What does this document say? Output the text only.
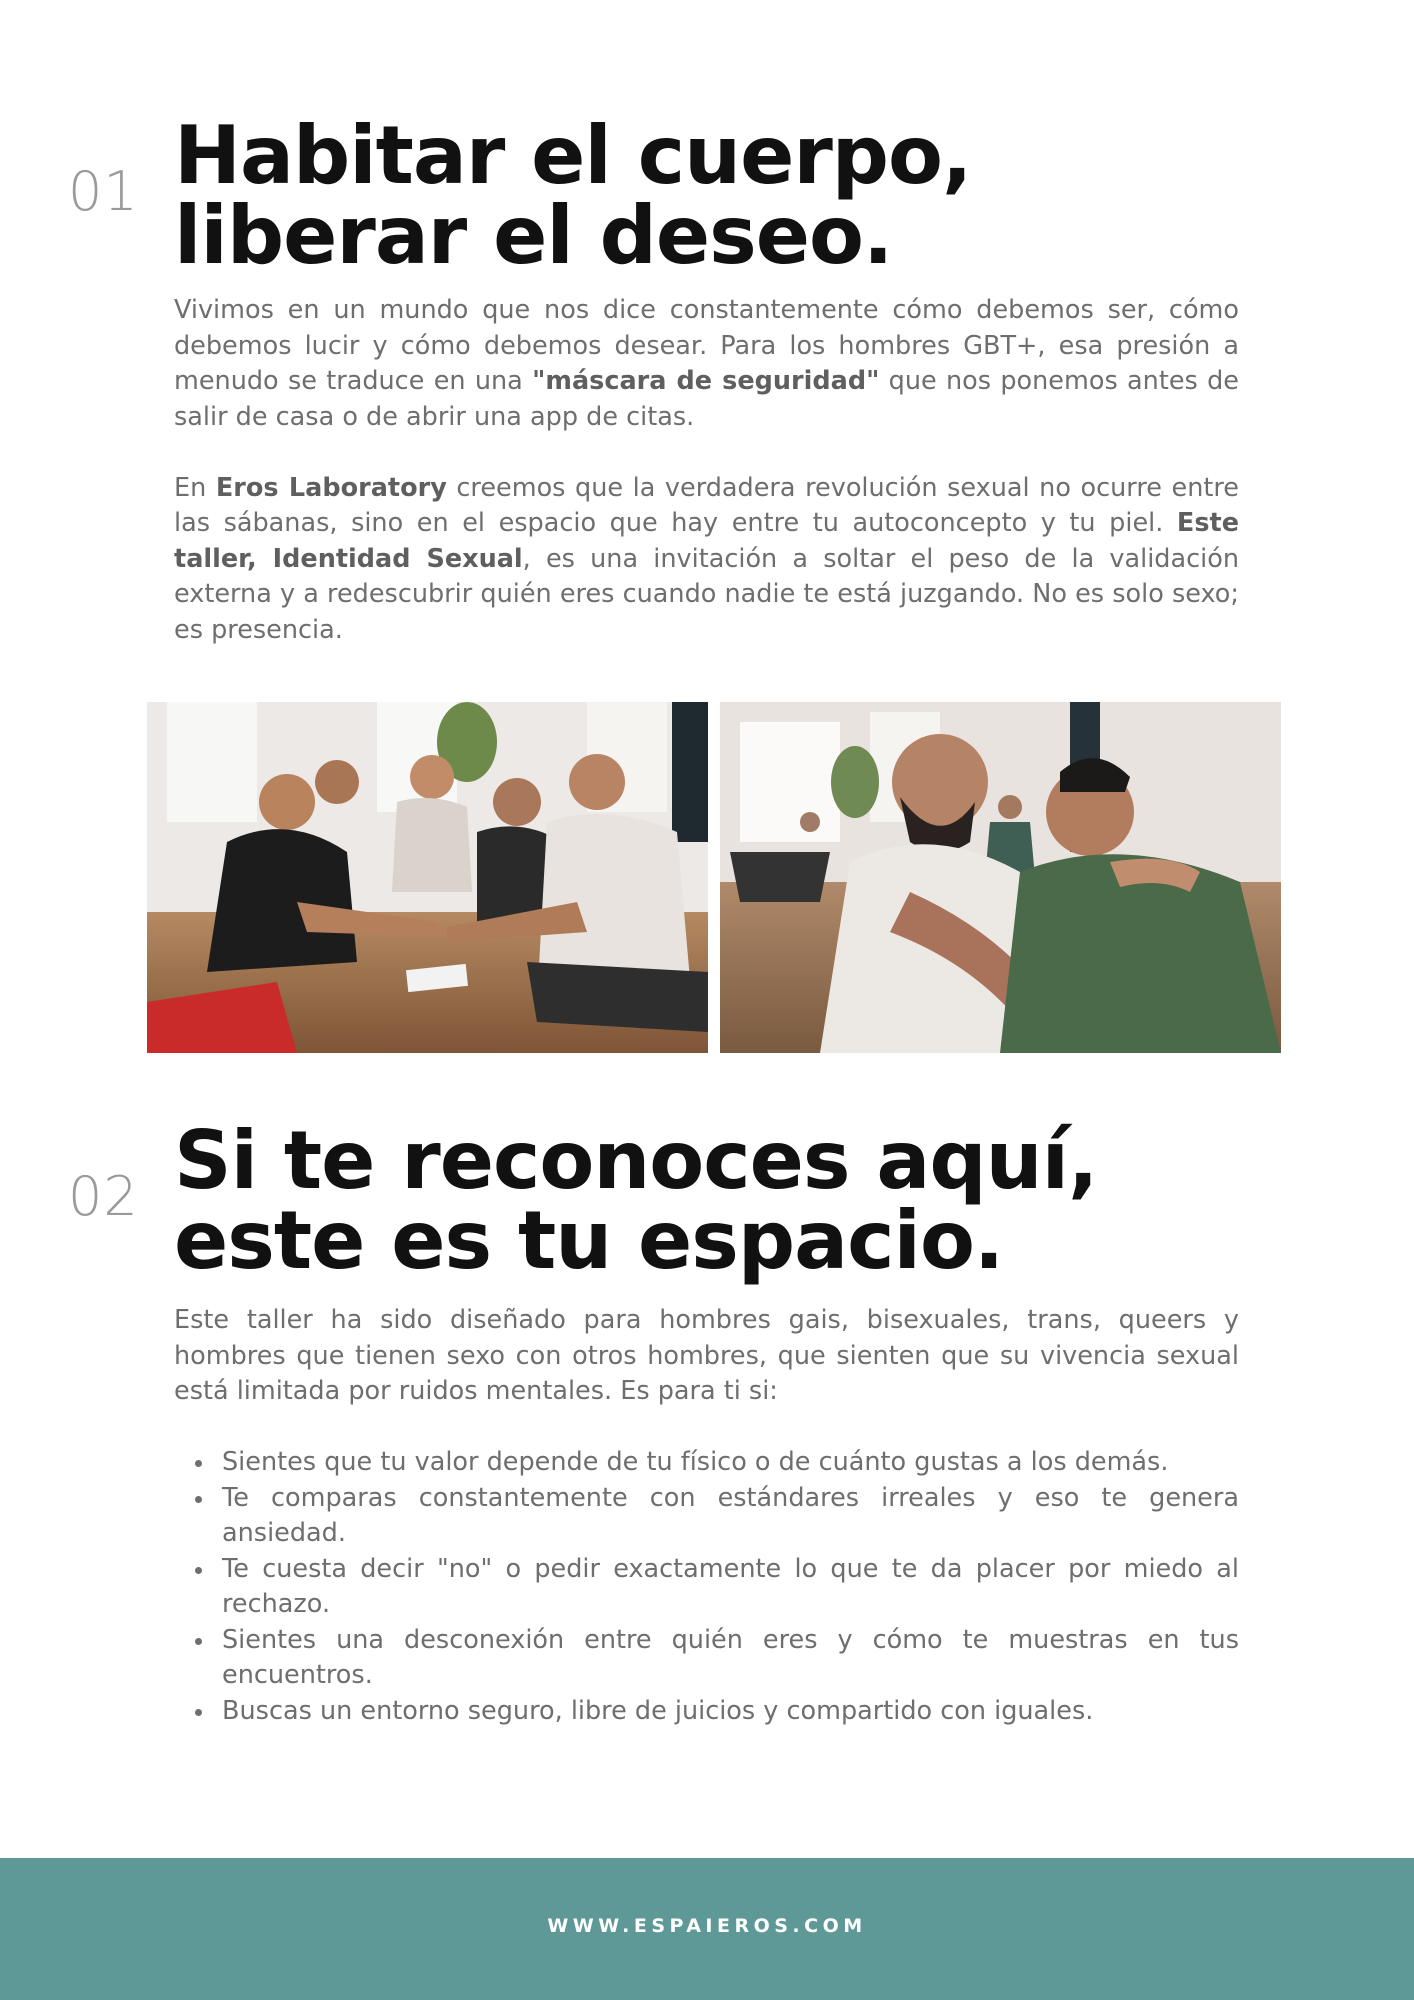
01 Habitar el cuerpo,
liberar el deseo.

Vivimos en un mundo que nos dice constantemente cómo debemos ser, cómo debemos lucir y cómo debemos desear. Para los hombres GBT+, esa presión a menudo se traduce en una "máscara de seguridad" que nos ponemos antes de salir de casa o de abrir una app de citas.

En Eros Laboratory creemos que la verdadera revolución sexual no ocurre entre las sábanas, sino en el espacio que hay entre tu autoconcepto y tu piel. Este taller, Identidad Sexual, es una invitación a soltar el peso de la validación externa y a redescubrir quién eres cuando nadie te está juzgando. No es solo sexo; es presencia.

02 Si te reconoces aquí,
este es tu espacio.

Este taller ha sido diseñado para hombres gais, bisexuales, trans, queers y hombres que tienen sexo con otros hombres, que sienten que su vivencia sexual está limitada por ruidos mentales. Es para ti si:

Sientes que tu valor depende de tu físico o de cuánto gustas a los demás.
Te comparas constantemente con estándares irreales y eso te genera ansiedad.
Te cuesta decir "no" o pedir exactamente lo que te da placer por miedo al rechazo.
Sientes una desconexión entre quién eres y cómo te muestras en tus encuentros.
Buscas un entorno seguro, libre de juicios y compartido con iguales.
WWW.ESPAIEROS.COM
